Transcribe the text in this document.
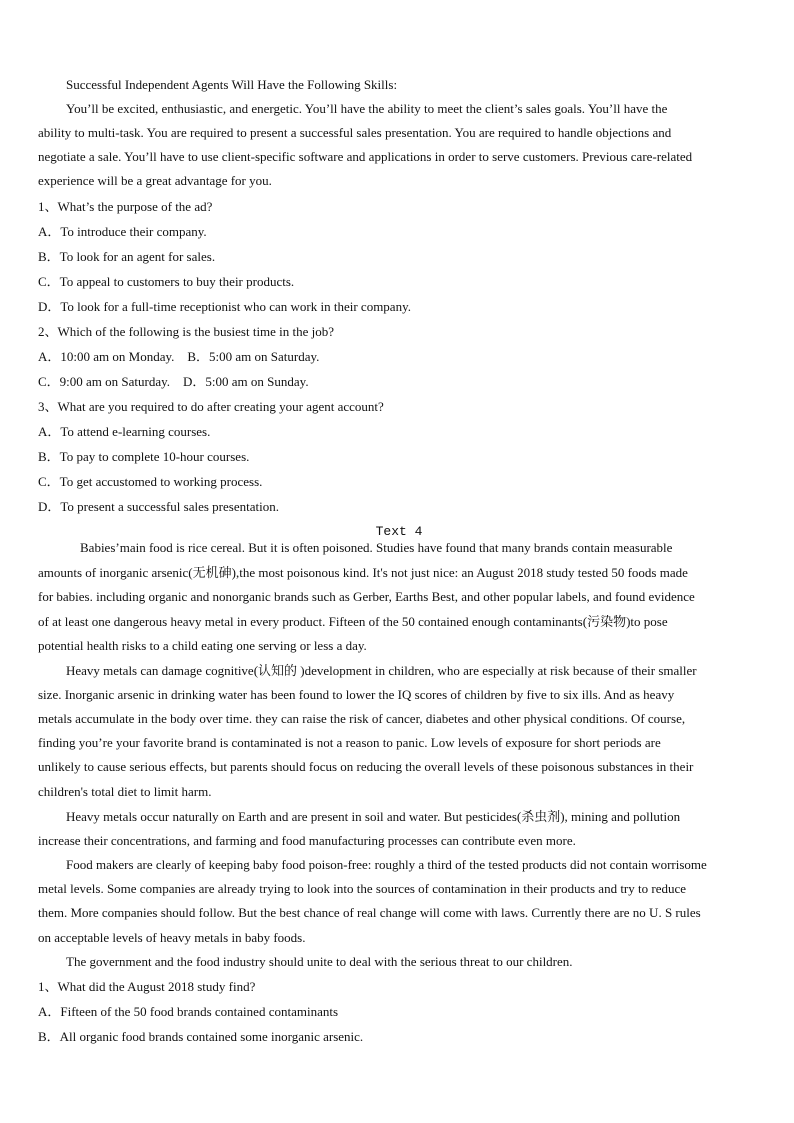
Successful Independent Agents Will Have the Following Skills:
You’ll be excited, enthusiastic, and energetic. You’ll have the ability to meet the client’s sales goals. You’ll have the
ability to multi-task. You are required to present a successful sales presentation. You are required to handle objections and
negotiate a sale. You’ll have to use client-specific software and applications in order to serve customers. Previous care-related
experience will be a great advantage for you.
1、What’s the purpose of the ad?
A．To introduce their company.
B．To look for an agent for sales.
C．To appeal to customers to buy their products.
D．To look for a full-time receptionist who can work in their company.
2、Which of the following is the busiest time in the job?
A．10:00 am on Monday.    B．5:00 am on Saturday.
C．9:00 am on Saturday.    D．5:00 am on Sunday.
3、What are you required to do after creating your agent account?
A．To attend e-learning courses.
B．To pay to complete 10-hour courses.
C．To get accustomed to working process.
D．To present a successful sales presentation.
Text 4
Babies’main food is rice cereal. But it is often poisoned. Studies have found that many brands contain measurable
amounts of inorganic arsenic(无机砷),the most poisonous kind. It's not just nice: an August 2018 study tested 50 foods made
for babies. including organic and nonorganic brands such as Gerber, Earths Best, and other popular labels, and found evidence
of at least one dangerous heavy metal in every product. Fifteen of the 50 contained enough contaminants(污染物)to pose
potential health risks to a child eating one serving or less a day.
Heavy metals can damage cognitive(认知的 )development in children, who are especially at risk because of their smaller
size. Inorganic arsenic in drinking water has been found to lower the IQ scores of children by five to six ills. And as heavy
metals accumulate in the body over time. they can raise the risk of cancer, diabetes and other physical conditions. Of course,
finding you’re your favorite brand is contaminated is not a reason to panic. Low levels of exposure for short periods are
unlikely to cause serious effects, but parents should focus on reducing the overall levels of these poisonous substances in their
children's total diet to limit harm.
Heavy metals occur naturally on Earth and are present in soil and water. But pesticides(杀虫剂), mining and pollution
increase their concentrations, and farming and food manufacturing processes can contribute even more.
Food makers are clearly of keeping baby food poison-free: roughly a third of the tested products did not contain worrisome
metal levels. Some companies are already trying to look into the sources of contamination in their products and try to reduce
them. More companies should follow. But the best chance of real change will come with laws. Currently there are no U. S rules
on acceptable levels of heavy metals in baby foods.
The government and the food industry should unite to deal with the serious threat to our children.
1、What did the August 2018 study find?
A．Fifteen of the 50 food brands contained contaminants
B．All organic food brands contained some inorganic arsenic.
